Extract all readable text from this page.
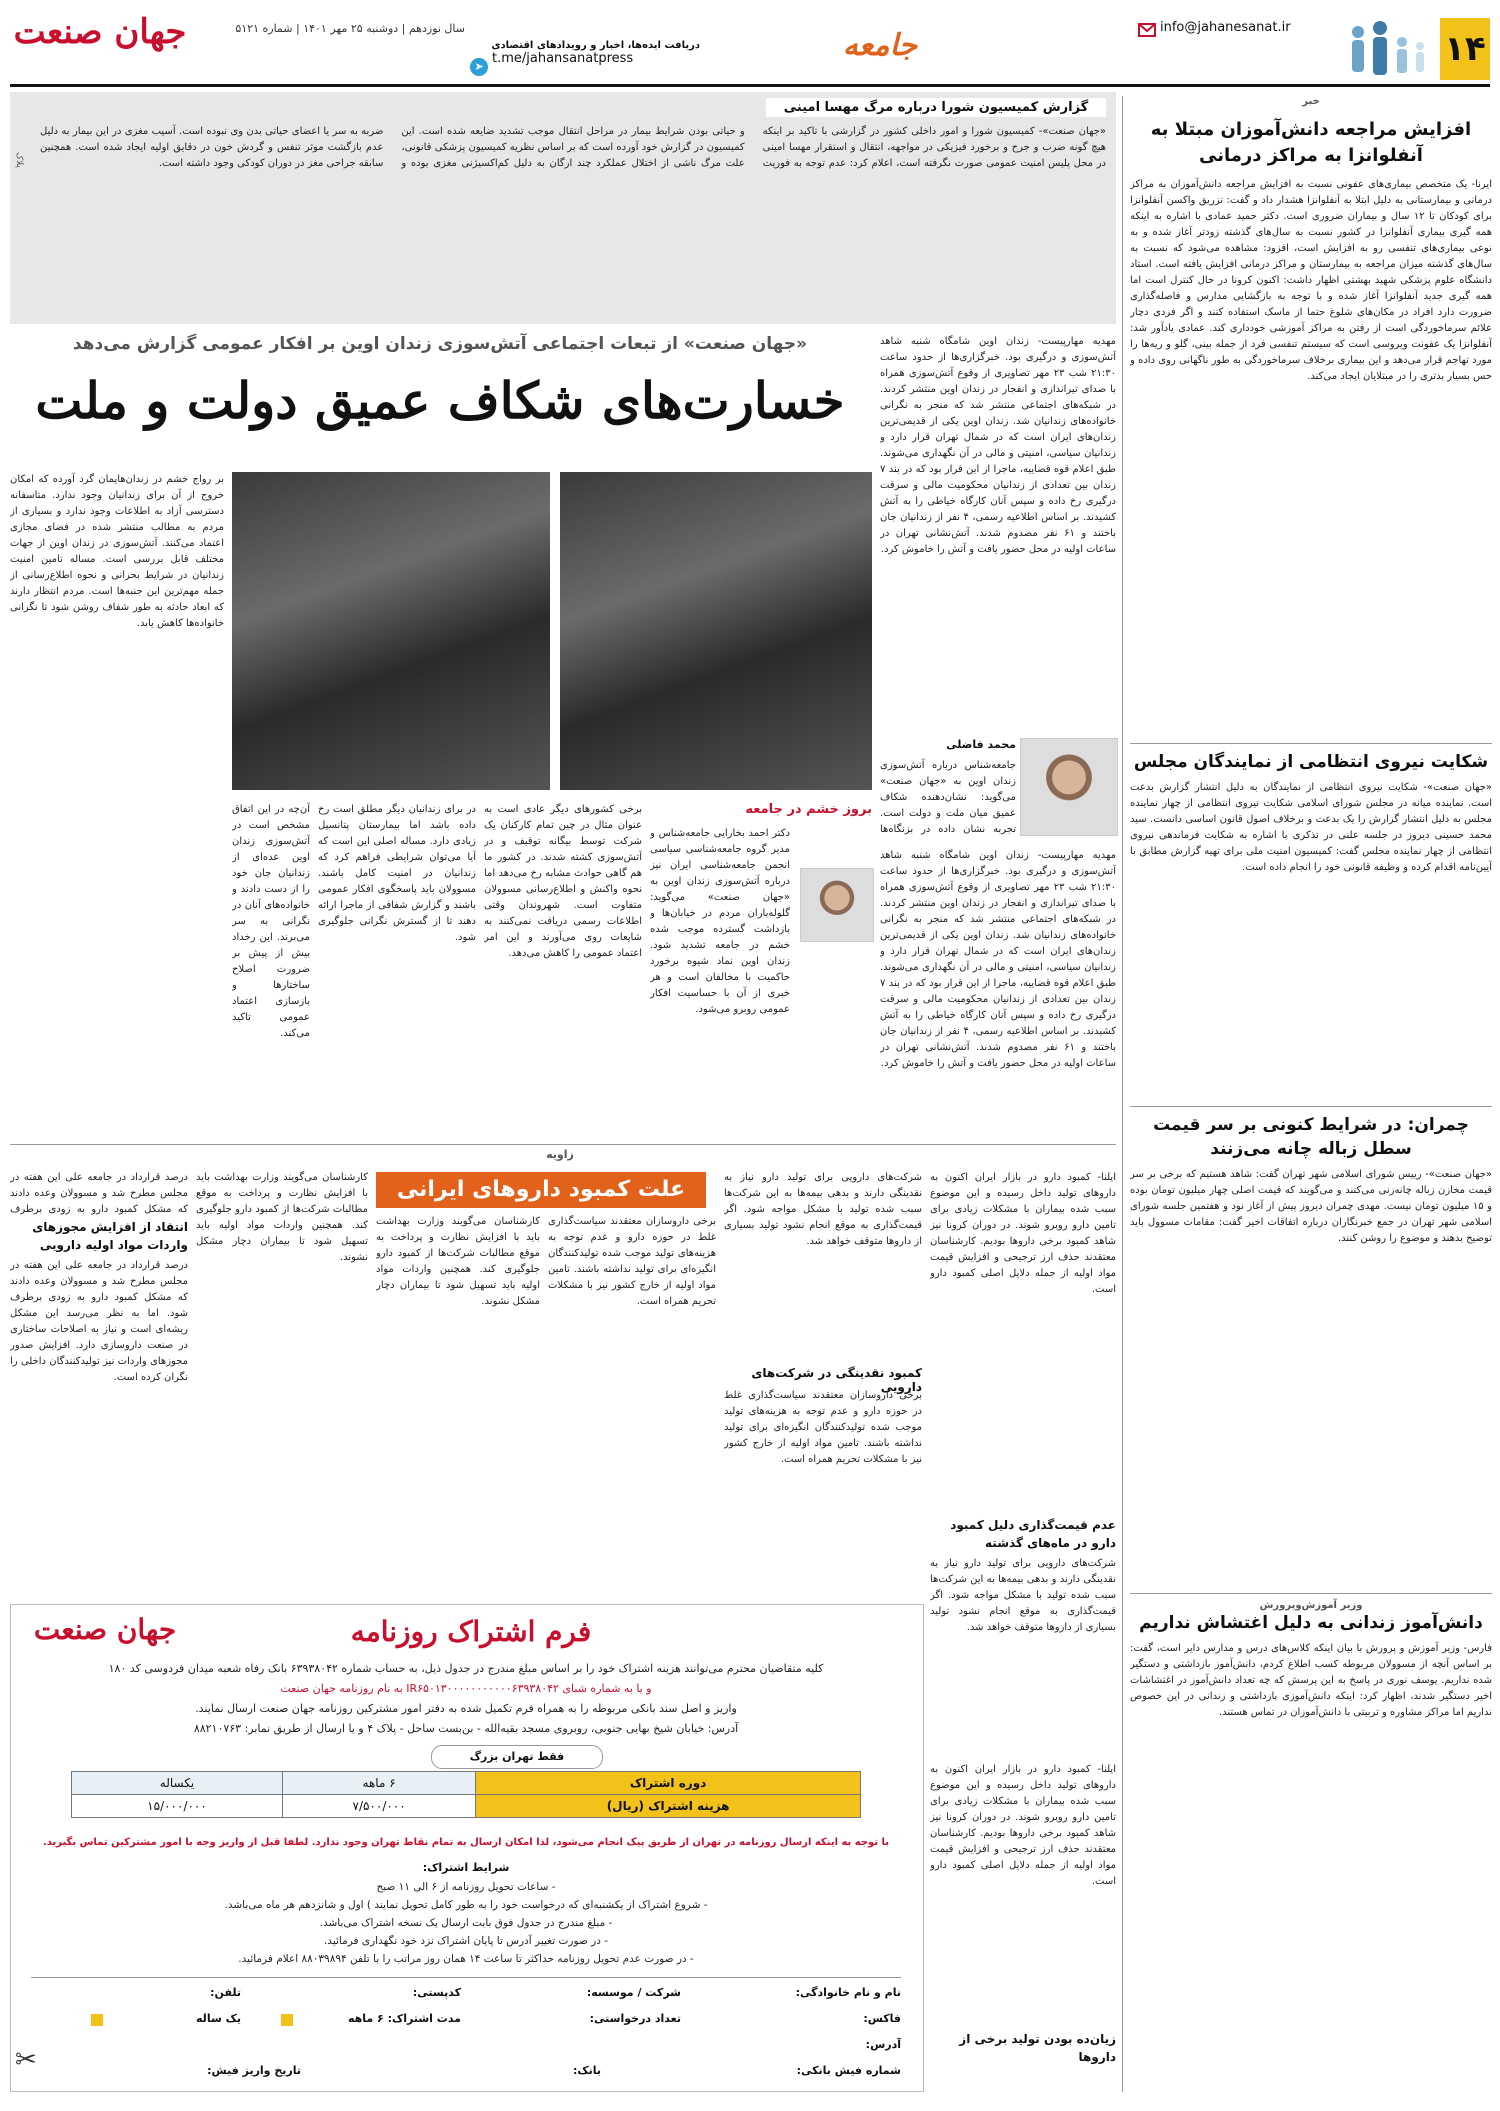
۱۴
info@jahanesanat.ir
جامعه
دریافت ایده‌ها، اخبار و رویدادهای اقتصادی
t.me/jahansanatpress
➤
سال نوزدهم | دوشنبه ۲۵ مهر ۱۴۰۱ | شماره ۵۱۲۱
جهان صنعت
خبر
افزایش مراجعه دانش‌آموزان مبتلا به آنفلوانزا به مراکز درمانی
ایرنا- یک متخصص بیماری‌های عفونی نسبت به افزایش مراجعه دانش‌آموزان به مراکز درمانی و بیمارستانی به دلیل ابتلا به آنفلوانزا هشدار داد و گفت: تزریق واکسن آنفلوانزا برای کودکان تا ۱۲ سال و بیماران ضروری است. دکتر حمید عمادی با اشاره به اینکه همه گیری بیماری آنفلوانزا در کشور نسبت به سال‌های گذشته زودتر آغاز شده و به نوعی بیماری‌های تنفسی رو به افزایش است، افزود: مشاهده می‌شود که نسبت به سال‌های گذشته میزان مراجعه به بیمارستان و مراکز درمانی افزایش یافته است. استاد دانشگاه علوم پزشکی شهید بهشتی اظهار داشت: اکنون کرونا در حال کنترل است اما همه گیری جدید آنفلوانزا آغاز شده و با توجه به بازگشایی مدارس و فاصله‌گذاری ضرورت دارد افراد در مکان‌های شلوغ حتما از ماسک استفاده کنند و اگر فردی دچار علائم سرماخوردگی است از رفتن به مراکز آموزشی خودداری کند. عمادی یادآور شد: آنفلوانزا یک عفونت ویروسی است که سیستم تنفسی فرد از جمله بینی، گلو و ریه‌ها را مورد تهاجم قرار می‌دهد و این بیماری برخلاف سرماخوردگی به طور ناگهانی روی داده و حس بسیار بدتری را در مبتلایان ایجاد می‌کند.
شکایت نیروی انتظامی از نمایندگان مجلس
«جهان صنعت»- شکایت نیروی انتظامی از نمایندگان به دلیل انتشار گزارش بدعت است. نماینده میانه در مجلس شورای اسلامی شکایت نیروی انتظامی از چهار نماینده مجلس به دلیل انتشار گزارش را یک بدعت و برخلاف اصول قانون اساسی دانست. سید محمد حسینی دیروز در جلسه علنی در تذکری با اشاره به شکایت فرماندهی نیروی انتظامی از چهار نماینده مجلس گفت: کمیسیون امنیت ملی برای تهیه گزارش مطابق با آیین‌نامه اقدام کرده و وظیفه قانونی خود را انجام داده است.
چمران: در شرایط کنونی بر سر قیمت سطل زباله چانه می‌زنند
«جهان صنعت»- رییس شورای اسلامی شهر تهران گفت: شاهد هستیم که برخی بر سر قیمت مخازن زباله چانه‌زنی می‌کنند و می‌گویند که قیمت اصلی چهار میلیون تومان بوده و ۱۵ میلیون تومان نیست. مهدی چمران دیروز پیش از آغاز نود و هفتمین جلسه شورای اسلامی شهر تهران در جمع خبرنگاران درباره اتفاقات اخیر گفت: مقامات مسوول باید توضیح بدهند و موضوع را روشن کنند.
وزیر آموزش‌وپرورش
دانش‌آموز زندانی به دلیل اغتشاش نداریم
فارس- وزیر آموزش و پرورش با بیان اینکه کلاس‌های درس و مدارس دایر است، گفت: بر اساس آنچه از مسوولان مربوطه کسب اطلاع کردم، دانش‌آموز بازداشتی و دستگیر شده نداریم. یوسف نوری در پاسخ به این پرسش که چه تعداد دانش‌آموز در اغتشاشات اخیر دستگیر شدند، اظهار کرد: اینکه دانش‌آموزی بازداشتی و زندانی در این خصوص نداریم اما مراکز مشاوره و تربیتی با دانش‌آموزان در تماس هستند.
گزارش کمیسیون شورا درباره مرگ مهسا امینی
«جهان صنعت»- کمیسیون شورا و امور داخلی کشور در گزارشی با تاکید بر اینکه هیچ گونه ضرب و جرح و برخورد فیزیکی در مواجهه، انتقال و استقرار مهسا امینی در محل پلیس امنیت عمومی صورت نگرفته است، اعلام کرد: عدم توجه به فوریت و حیاتی بودن شرایط بیمار در مراحل انتقال موجب تشدید ضایعه شده است. این کمیسیون در گزارش خود آورده است که بر اساس نظریه کمیسیون پزشکی قانونی، علت مرگ ناشی از اختلال عملکرد چند ارگان به دلیل کم‌اکسیژنی مغزی بوده و ضربه به سر یا اعضای حیاتی بدن وی نبوده است. آسیب مغزی در این بیمار به دلیل عدم بازگشت موثر تنفس و گردش خون در دقایق اولیه ایجاد شده است. همچنین سابقه جراحی مغز در دوران کودکی وجود داشته است.
پلاک
«جهان صنعت» از تبعات اجتماعی آتش‌سوزی زندان اوین بر افکار عمومی گزارش می‌دهد
خسارت‌های شکاف عمیق دولت و ملت
مهدیه مهارپیست- زندان اوین شامگاه شنبه شاهد آتش‌سوزی و درگیری بود. خبرگزاری‌ها از حدود ساعت ۲۱:۳۰ شب ۲۳ مهر تصاویری از وقوع آتش‌سوزی همراه با صدای تیراندازی و انفجار در زندان اوین منتشر کردند. در شبکه‌های اجتماعی منتشر شد که منجر به نگرانی خانواده‌های زندانیان شد. زندان اوین یکی از قدیمی‌ترین زندان‌های ایران است که در شمال تهران قرار دارد و زندانیان سیاسی، امنیتی و مالی در آن نگهداری می‌شوند. طبق اعلام قوه قضاییه، ماجرا از این قرار بود که در بند ۷ زندان بین تعدادی از زندانیان محکومیت مالی و سرقت درگیری رخ داده و سپس آنان کارگاه خیاطی را به آتش کشیدند. بر اساس اطلاعیه رسمی، ۴ نفر از زندانیان جان باختند و ۶۱ نفر مصدوم شدند. آتش‌نشانی تهران در ساعات اولیه در محل حضور یافت و آتش را خاموش کرد.
بر رواج خشم در زندان‌هایمان گرد آورده که امکان خروج از آن برای زندانیان وجود ندارد. متاسفانه دسترسی آزاد به اطلاعات وجود ندارد و بسیاری از مردم به مطالب منتشر شده در فضای مجازی اعتماد می‌کنند. آتش‌سوزی در زندان اوین از جهات مختلف قابل بررسی است. مساله تامین امنیت زندانیان در شرایط بحرانی و نحوه اطلاع‌رسانی از جمله مهم‌ترین این جنبه‌ها است. مردم انتظار دارند که ابعاد حادثه به طور شفاف روشن شود تا نگرانی خانواده‌ها کاهش یابد.
محمد فاضلی
جامعه‌شناس درباره آتش‌سوزی زندان اوین به «جهان صنعت» می‌گوید: نشان‌دهنده شکاف عمیق میان ملت و دولت است. تجربه نشان داده در بزنگاه‌ها
بروز خشم در جامعه
دکتر احمد بخارایی جامعه‌شناس و مدیر گروه جامعه‌شناسی سیاسی انجمن جامعه‌شناسی ایران نیز درباره آتش‌سوزی زندان اوین به «جهان صنعت» می‌گوید: گلوله‌باران مردم در خیابان‌ها و بازداشت گسترده موجب شده خشم در جامعه تشدید شود. زندان اوین نماد شیوه برخورد حاکمیت با مخالفان است و هر خبری از آن با حساسیت افکار عمومی روبرو می‌شود.
مهدیه مهارپیست- زندان اوین شامگاه شنبه شاهد آتش‌سوزی و درگیری بود. خبرگزاری‌ها از حدود ساعت ۲۱:۳۰ شب ۲۳ مهر تصاویری از وقوع آتش‌سوزی همراه با صدای تیراندازی و انفجار در زندان اوین منتشر کردند. در شبکه‌های اجتماعی منتشر شد که منجر به نگرانی خانواده‌های زندانیان شد. زندان اوین یکی از قدیمی‌ترین زندان‌های ایران است که در شمال تهران قرار دارد و زندانیان سیاسی، امنیتی و مالی در آن نگهداری می‌شوند. طبق اعلام قوه قضاییه، ماجرا از این قرار بود که در بند ۷ زندان بین تعدادی از زندانیان محکومیت مالی و سرقت درگیری رخ داده و سپس آنان کارگاه خیاطی را به آتش کشیدند. بر اساس اطلاعیه رسمی، ۴ نفر از زندانیان جان باختند و ۶۱ نفر مصدوم شدند. آتش‌نشانی تهران در ساعات اولیه در محل حضور یافت و آتش را خاموش کرد.
برخی کشورهای دیگر عادی است به عنوان مثال در چین تمام کارکنان یک شرکت توسط بیگانه توقیف و در آتش‌سوزی کشته شدند. در کشور ما هم گاهی حوادث مشابه رخ می‌دهد اما نحوه واکنش و اطلاع‌رسانی مسوولان متفاوت است. شهروندان وقتی اطلاعات رسمی دریافت نمی‌کنند به شایعات روی می‌آورند و این امر اعتماد عمومی را کاهش می‌دهد.
در برای زندانیان دیگر مطلق است رخ داده باشد اما بیمارستان پتانسیل زیادی دارد. مساله اصلی این است که آیا می‌توان شرایطی فراهم کرد که زندانیان در امنیت کامل باشند. مسوولان باید پاسخگوی افکار عمومی باشند و گزارش شفافی از ماجرا ارائه دهند تا از گسترش نگرانی جلوگیری شود.
آن‌چه در این اتفاق مشخص است در آتش‌سوزی زندان اوین عده‌ای از زندانیان جان خود را از دست دادند و خانواده‌های آنان در نگرانی به سر می‌برند. این رخداد بیش از پیش بر ضرورت اصلاح ساختارها و بازسازی اعتماد عمومی تاکید می‌کند.
زاویه
علت کمبود داروهای ایرانی	ایلنا- کمبود دارو در بازار ایران اکنون به داروهای تولید داخل رسیده و این موضوع سبب شده بیماران با مشکلات زیادی برای تامین دارو روبرو شوند. در دوران کرونا نیز شاهد کمبود برخی داروها بودیم. کارشناسان معتقدند حذف ارز ترجیحی و افزایش قیمت مواد اولیه از جمله دلایل اصلی کمبود دارو است.
عدم قیمت‌گذاری دلیل کمبود دارو در ماه‌های گذشته
شرکت‌های دارویی برای تولید دارو نیاز به نقدینگی دارند و بدهی بیمه‌ها به این شرکت‌ها سبب شده تولید با مشکل مواجه شود. اگر قیمت‌گذاری به موقع انجام نشود تولید بسیاری از داروها متوقف خواهد شد.
شرکت‌های دارویی برای تولید دارو نیاز به نقدینگی دارند و بدهی بیمه‌ها به این شرکت‌ها سبب شده تولید با مشکل مواجه شود. اگر قیمت‌گذاری به موقع انجام نشود تولید بسیاری از داروها متوقف خواهد شد.
کمبود نقدینگی در شرکت‌های دارویی
برخی داروسازان معتقدند سیاست‌گذاری غلط در حوزه دارو و عدم توجه به هزینه‌های تولید موجب شده تولیدکنندگان انگیزه‌ای برای تولید نداشته باشند. تامین مواد اولیه از خارج کشور نیز با مشکلات تحریم همراه است.
برخی داروسازان معتقدند سیاست‌گذاری غلط در حوزه دارو و عدم توجه به هزینه‌های تولید موجب شده تولیدکنندگان انگیزه‌ای برای تولید نداشته باشند. تامین مواد اولیه از خارج کشور نیز با مشکلات تحریم همراه است.
کارشناسان می‌گویند وزارت بهداشت باید با افزایش نظارت و پرداخت به موقع مطالبات شرکت‌ها از کمبود دارو جلوگیری کند. همچنین واردات مواد اولیه باید تسهیل شود تا بیماران دچار مشکل نشوند.
کارشناسان می‌گویند وزارت بهداشت باید با افزایش نظارت و پرداخت به موقع مطالبات شرکت‌ها از کمبود دارو جلوگیری کند. همچنین واردات مواد اولیه باید تسهیل شود تا بیماران دچار مشکل نشوند.
انتقاد از افزایش مجوزهای واردات مواد اولیه دارویی
درصد قرارداد در جامعه علی این هفته در مجلس مطرح شد و مسوولان وعده دادند که مشکل کمبود دارو به زودی برطرف
درصد قرارداد در جامعه علی این هفته در مجلس مطرح شد و مسوولان وعده دادند که مشکل کمبود دارو به زودی برطرف شود. اما به نظر می‌رسد این مشکل ریشه‌ای است و نیاز به اصلاحات ساختاری در صنعت داروسازی دارد. افزایش صدور مجوزهای واردات نیز تولیدکنندگان داخلی را نگران کرده است.
زیان‌ده بودن تولید برخی از داروها
ایلنا- کمبود دارو در بازار ایران اکنون به داروهای تولید داخل رسیده و این موضوع سبب شده بیماران با مشکلات زیادی برای تامین دارو روبرو شوند. در دوران کرونا نیز شاهد کمبود برخی داروها بودیم. کارشناسان معتقدند حذف ارز ترجیحی و افزایش قیمت مواد اولیه از جمله دلایل اصلی کمبود دارو است.
جهان صنعت	فرم اشتراک روزنامه
کلیه متقاضیان محترم می‌توانند هزینه اشتراک خود را بر اساس مبلغ مندرج در جدول ذیل، به حساب شماره ۶۳۹۳۸۰۴۲ بانک رفاه شعبه میدان فردوسی کد ۱۸۰
و یا به شماره شبای IR۶۵۰۱۳۰۰۰۰۰۰۰۰۰۰۰۶۳۹۳۸۰۴۲ به نام روزنامه جهان صنعت
واریز و اصل سند بانکی مربوطه را به همراه فرم تکمیل شده به دفتر امور مشترکین روزنامه جهان صنعت ارسال نمایند.
آدرس: خیابان شیخ بهایی جنوبی، روبروی مسجد بقیه‌الله - بن‌بست ساحل - پلاک ۴ و یا ارسال از طریق نمابر: ۸۸۲۱۰۷۶۳
فقط تهران بزرگ
دوره اشتراک	۶ ماهه	یکساله
هزینه اشتراک (ریال)	۷/۵۰۰/۰۰۰	۱۵/۰۰۰/۰۰۰
با توجه به اینکه ارسال روزنامه در تهران از طریق پیک انجام می‌شود، لذا امکان ارسال به تمام نقاط تهران وجود ندارد. لطفا قبل از واریز وجه با امور مشترکین تماس بگیرید.
شرایط اشتراک:
- ساعات تحویل روزنامه از ۶ الی ۱۱ صبح
- شروع اشتراک از یکشنبه‌ای که درخواست خود را به طور کامل تحویل نمایند ) اول و شانزدهم هر ماه می‌باشد.
- مبلغ مندرج در جدول فوق بابت ارسال یک نسخه اشتراک می‌باشد.
- در صورت تغییر آدرس تا پایان اشتراک نزد خود نگهداری فرمائید.
- در صورت عدم تحویل روزنامه حداکثر تا ساعت ۱۴ همان روز مراتب را با تلفن ۸۸۰۳۹۸۹۴ اعلام فرمائید.
نام و نام خانوادگی:
شرکت / موسسه:
کدپستی:
تلفن:
فاکس:
تعداد درخواستی:
مدت اشتراک: ۶ ماهه
یک ساله
آدرس:
شماره فیش بانکی:
بانک:
تاریخ واریز فیش:
✂
